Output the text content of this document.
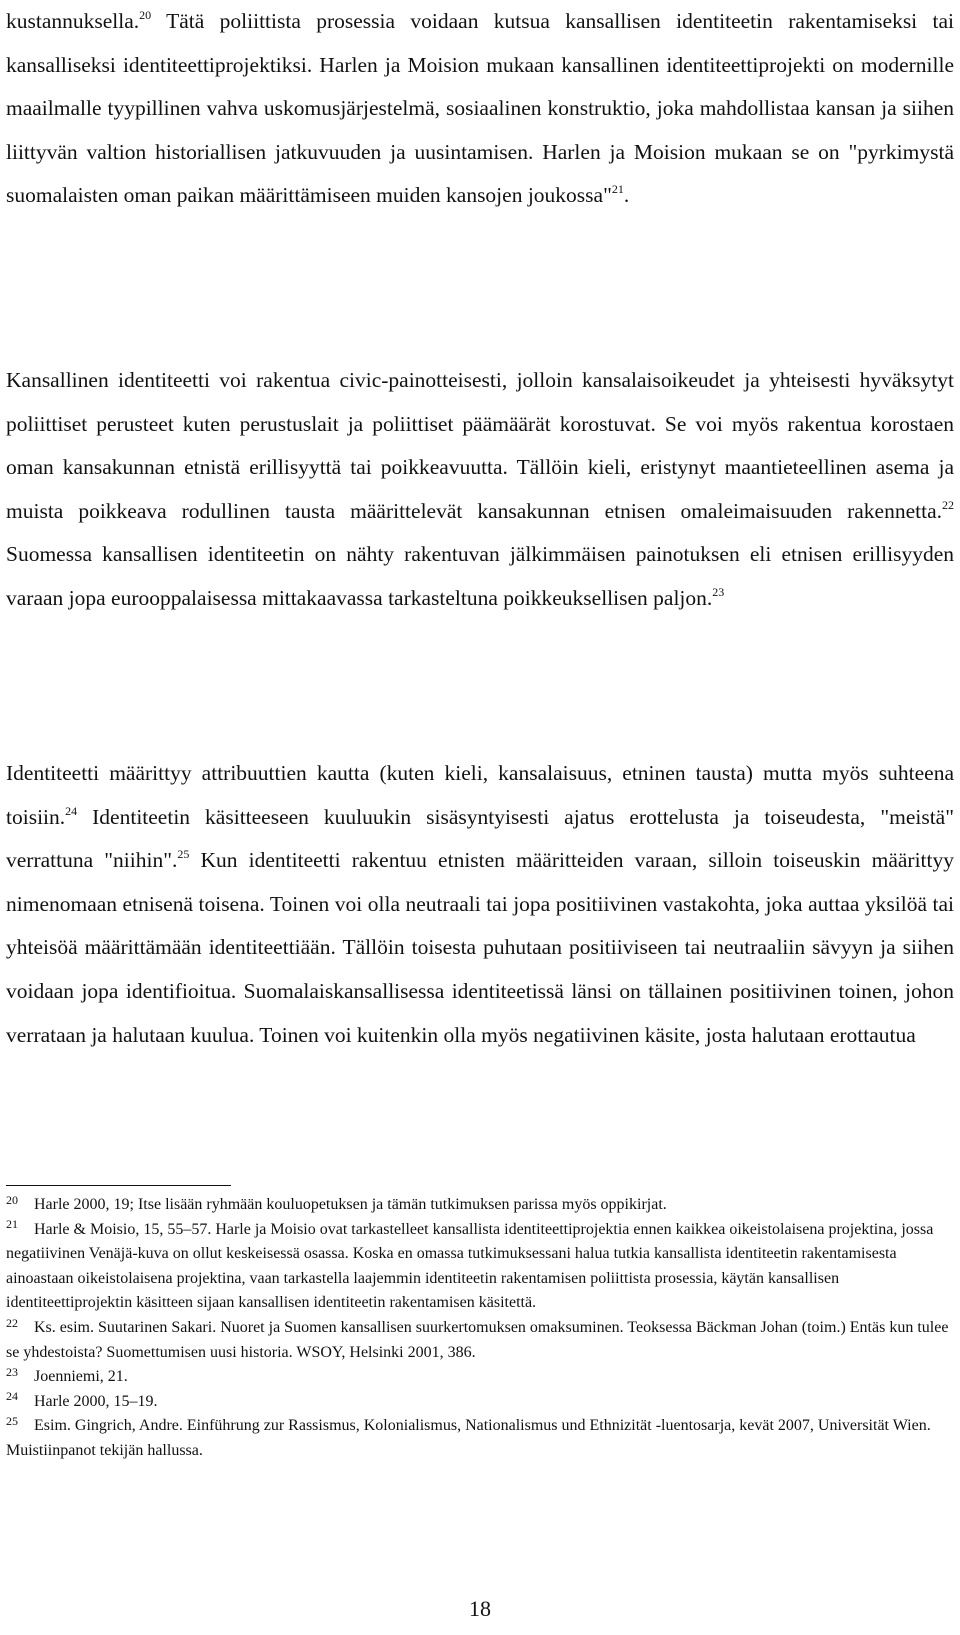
kustannuksella.$^{20}$ Tätä poliittista prosessia voidaan kutsua kansallisen identiteetin rakentamiseksi tai kansalliseksi identiteettiprojektiksi. Harlen ja Moision mukaan kansallinen identiteettiprojekti on modernille maailmalle tyypillinen vahva uskomusjärjestelmä, sosiaalinen konstruktio, joka mahdollistaa kansan ja siihen liittyvän valtion historiallisen jatkuvuuden ja uusintamisen. Harlen ja Moision mukaan se on "pyrkimystä suomalaisten oman paikan määrittämiseen muiden kansojen joukossa"$^{21}$.

Kansallinen identiteetti voi rakentua civic-painotteisesti, jolloin kansalaisoikeudet ja yhteisesti hyväksytyt poliittiset perusteet kuten perustuslait ja poliittiset päämäärät korostuvat. Se voi myös rakentua korostaen oman kansakunnan etnistä erillisyyttä tai poikkeavuutta. Tällöin kieli, eristynyt maantieteellinen asema ja muista poikkeava rodullinen tausta määrittelevät kansakunnan etnisen omaleimaisuuden rakennetta.$^{22}$ Suomessa kansallisen identiteetin on nähty rakentuvan jälkimmäisen painotuksen eli etnisen erillisyyden varaan jopa eurooppalaisessa mittakaavassa tarkasteltuna poikkeuksellisen paljon.$^{23}$

Identiteetti määrittyy attribuuttien kautta (kuten kieli, kansalaisuus, etninen tausta) mutta myös suhteena toisiin.$^{24}$ Identiteetin käsitteeseen kuuluukin sisäsyntyisesti ajatus erottelusta ja toiseudesta, "meistä" verrattuna "niihin".$^{25}$ Kun identiteetti rakentuu etnisten määritteiden varaan, silloin toiseuskin määrittyy nimenomaan etnisenä toisena. Toinen voi olla neutraali tai jopa positiivinen vastakohta, joka auttaa yksilöä tai yhteisöä määrittämään identiteettiään. Tällöin toisesta puhutaan positiiviseen tai neutraaliin sävyyn ja siihen voidaan jopa identifioitua. Suomalaiskansallisessa identiteetissä länsi on tällainen positiivinen toinen, johon verrataan ja halutaan kuulua. Toinen voi kuitenkin olla myös negatiivinen käsite, josta halutaan erottautua

20 Harle 2000, 19; Itse lisään ryhmään kouluopetuksen ja tämän tutkimuksen parissa myös oppikirjat.

21 Harle & Moisio, 15, 55–57. Harle ja Moisio ovat tarkastelleet kansallista identiteettiprojektia ennen kaikkea oikeistolaisena projektina, jossa negatiivinen Venäjä-kuva on ollut keskeisessä osassa. Koska en omassa tutkimuksessani halua tutkia kansallista identiteetin rakentamisesta ainoastaan oikeistolaisena projektina, vaan tarkastella laajemmin identiteetin rakentamisen poliittista prosessia, käytän kansallisen identiteettiprojektin käsitteen sijaan kansallisen identiteetin rakentamisen käsitettä.

22 Ks. esim. Suutarinen Sakari. Nuoret ja Suomen kansallisen suurkertomuksen omaksuminen. Teoksessa Bäckman Johan (toim.) Entäs kun tulee se yhdestoista? Suomettumisen uusi historia. WSOY, Helsinki 2001, 386.

23 Joenniemi, 21.

24 Harle 2000, 15–19.

25 Esim. Gingrich, Andre. Einführung zur Rassismus, Kolonialismus, Nationalismus und Ethnizität -luentosarja, kevät 2007, Universität Wien. Muistiinpanot tekijän hallussa.

18
